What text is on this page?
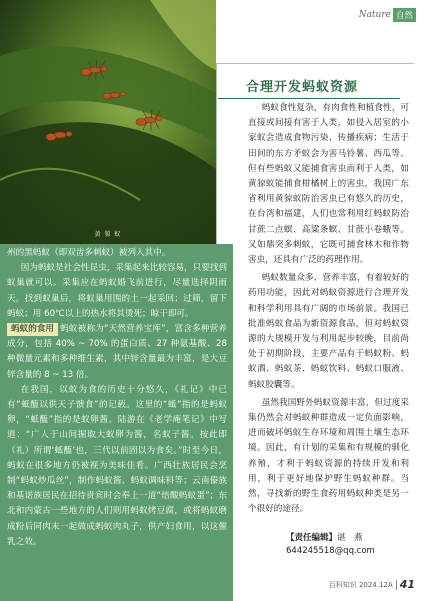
黄 猄 蚁
Nature 自然
合理开发蚂蚁资源

州的黑蚂蚁（即双齿多刺蚁）被列入其中。

因为蚂蚁是社会性昆虫，采集起来比较容易，只要找到蚁巢就可以。采集应在蚂蚁婚飞前进行，尽量选择阴雨天。找到蚁巢后，将蚁巢用围的土一起采回；过筛，留下蚂蚁；用 60℃以上的热水将其烫死；晾干即可。

蚂蚁的食用 蚂蚁被称为“天然营养宝库”，富含多种营养成分，包括 40% ~ 70% 的蛋白质、27 种氨基酸、28 种微量元素和多种维生素，其中锌含量最为丰富，是大豆锌含量的 8 ~ 13 倍。

在我国，以蚁为食的历史十分悠久，《礼记》中已有“蚳醢以供天子馈食”的记载。这里的“蚳”指的是蚂蚁卵，“蚳醢”指的是蚁卵酱。陆游在《老学庵笔记》中写道：“广人于山间掘取大蚁卵为酱，名蚁子酱。按此即（礼）所谓‘蚳醢’也，三代以前固以为食矣。”时至今日，蚂蚁在很多地方仍被视为美味佳肴。广西壮族居民会烹制“蚂蚁炒瓜丝”，制作蚂蚁酱、蚂蚁调味料等；云南傣族和基诺族居民在招待贵宾时会奉上一道“焙酸蚂蚁蛋”；东北和内蒙古一些地方的人们则用蚂蚁烤豆腐，或将蚂蚁磨成粉后同肉末一起做成蚂蚁肉丸子，供产妇食用，以这催乳之效。

蚂蚁食性复杂，有肉食性和植食性，可直接或间接有害于人类，如侵入居室的小家蚁会造成食物污染、传播疾病；生活于田间的东方矛蚁会为害马铃薯、西瓜等。但有些蚂蚁又能捕食害虫而利于人类，如黄猄蚁能捕食柑橘树上的害虫，我国广东省利用黄猄蚁防治害虫已有悠久的历史，在台湾和福建，人们也常利用红蚂蚁防治甘蔗二点螟、高粱条螟、甘蔗小卷蛾等。又如鼎突多刺蚁，它既可捕食林木和作物害虫，还具有广泛的药理作用。

蚂蚁数量众多、营养丰富，有着较好的药用功能，因此对蚂蚁资源进行合理开发和科学利用具有广阔的市场前景。我国已批准蚂蚁食品为新资源食品，但对蚂蚁资源的大规模开发与利用起步较晚，目前尚处于初期阶段，主要产品有干蚂蚁粉、蚂蚁酒、蚂蚁茶、蚂蚁饮料、蚂蚁口服液、蚂蚁胶囊等。

虽然我国野外蚂蚁资源丰富，但过度采集仍然会对蚂蚁种群造成一定负面影响，进而破坏蚂蚁生存环境和周围土壤生态环境。因此，有计划的采集和有规模的驯化养殖，才利于蚂蚁资源的持续开发和利用，利于更好地保护野生蚂蚁种群。当然，寻找新的野生食药用蚂蚁种类是另一个很好的途径。

【责任编辑】谌　燕
644245518@qq.com
百科知识 2024.12A 41
